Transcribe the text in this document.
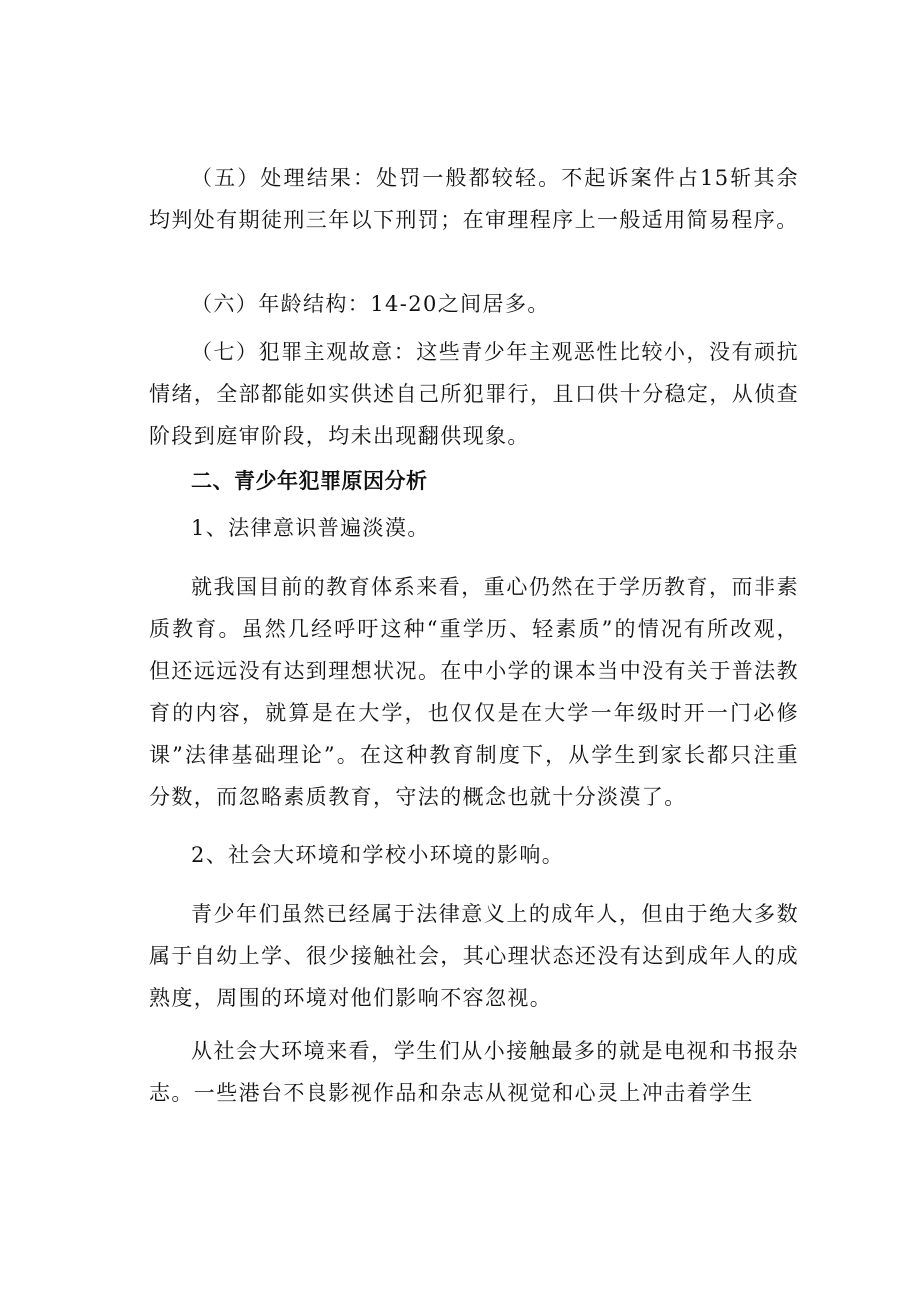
（五）处理结果：处罚一般都较轻。不起诉案件占15斩其余均判处有期徒刑三年以下刑罚；在审理程序上一般适用简易程序。

（六）年龄结构：14-20之间居多。

（七）犯罪主观故意：这些青少年主观恶性比较小，没有顽抗情绪，全部都能如实供述自己所犯罪行，且口供十分稳定，从侦查阶段到庭审阶段，均未出现翻供现象。

二、青少年犯罪原因分析

1、法律意识普遍淡漠。

就我国目前的教育体系来看，重心仍然在于学历教育，而非素质教育。虽然几经呼吁这种“重学历、轻素质”的情况有所改观，但还远远没有达到理想状况。在中小学的课本当中没有关于普法教育的内容，就算是在大学，也仅仅是在大学一年级时开一门必修课”法律基础理论”。在这种教育制度下，从学生到家长都只注重分数，而忽略素质教育，守法的概念也就十分淡漠了。

2、社会大环境和学校小环境的影响。

青少年们虽然已经属于法律意义上的成年人，但由于绝大多数属于自幼上学、很少接触社会，其心理状态还没有达到成年人的成熟度，周围的环境对他们影响不容忽视。

从社会大环境来看，学生们从小接触最多的就是电视和书报杂志。一些港台不良影视作品和杂志从视觉和心灵上冲击着学生
